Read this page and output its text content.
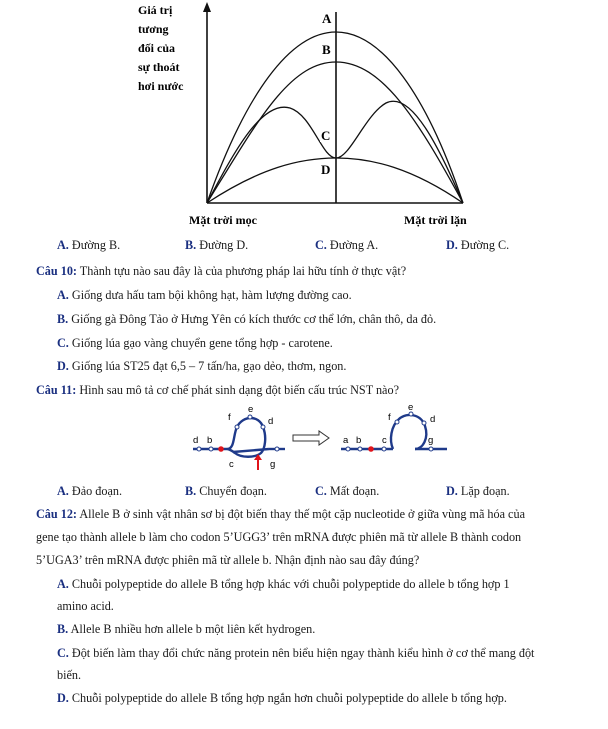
Giá trị
tương
đối của
sự thoát
hơi nước
A
B
C
D
Mặt trời mọc	Mặt trời lặn
A. Đường B.	B. Đường D.	C. Đường A.	D. Đường C.
Câu 10: Thành tựu nào sau đây là của phương pháp lai hữu tính ở thực vật?
A. Giống dưa hấu tam bội không hạt, hàm lượng đường cao.
B. Giống gà Đông Tảo ở Hưng Yên có kích thước cơ thể lớn, chân thô, da đỏ.
C. Giống lúa gạo vàng chuyển gene tổng hợp - carotene.
D. Giống lúa ST25 đạt 6,5 – 7 tấn/ha, gạo dẻo, thơm, ngon.
Câu 11: Hình sau mô tả cơ chế phát sinh dạng đột biến cấu trúc NST nào?
d b
f
e
d
c	g
a b c
f
e
d
g
A. Đảo đoạn.	B. Chuyển đoạn.	C. Mất đoạn.	D. Lặp đoạn.
Câu 12: Allele B ở sinh vật nhân sơ bị đột biến thay thế một cặp nucleotide ở giữa vùng mã hóa của
gene tạo thành allele b làm cho codon 5’UGG3’ trên mRNA được phiên mã từ allele B thành codon
5’UGA3’ trên mRNA được phiên mã từ allele b. Nhận định nào sau đây đúng?
A. Chuỗi polypeptide do allele B tổng hợp khác với chuỗi polypeptide do allele b tổng hợp 1
amino acid.
B. Allele B nhiều hơn allele b một liên kết hydrogen.
C. Đột biến làm thay đổi chức năng protein nên biểu hiện ngay thành kiểu hình ở cơ thể mang đột
biến.
D. Chuỗi polypeptide do allele B tổng hợp ngắn hơn chuỗi polypeptide do allele b tổng hợp.
